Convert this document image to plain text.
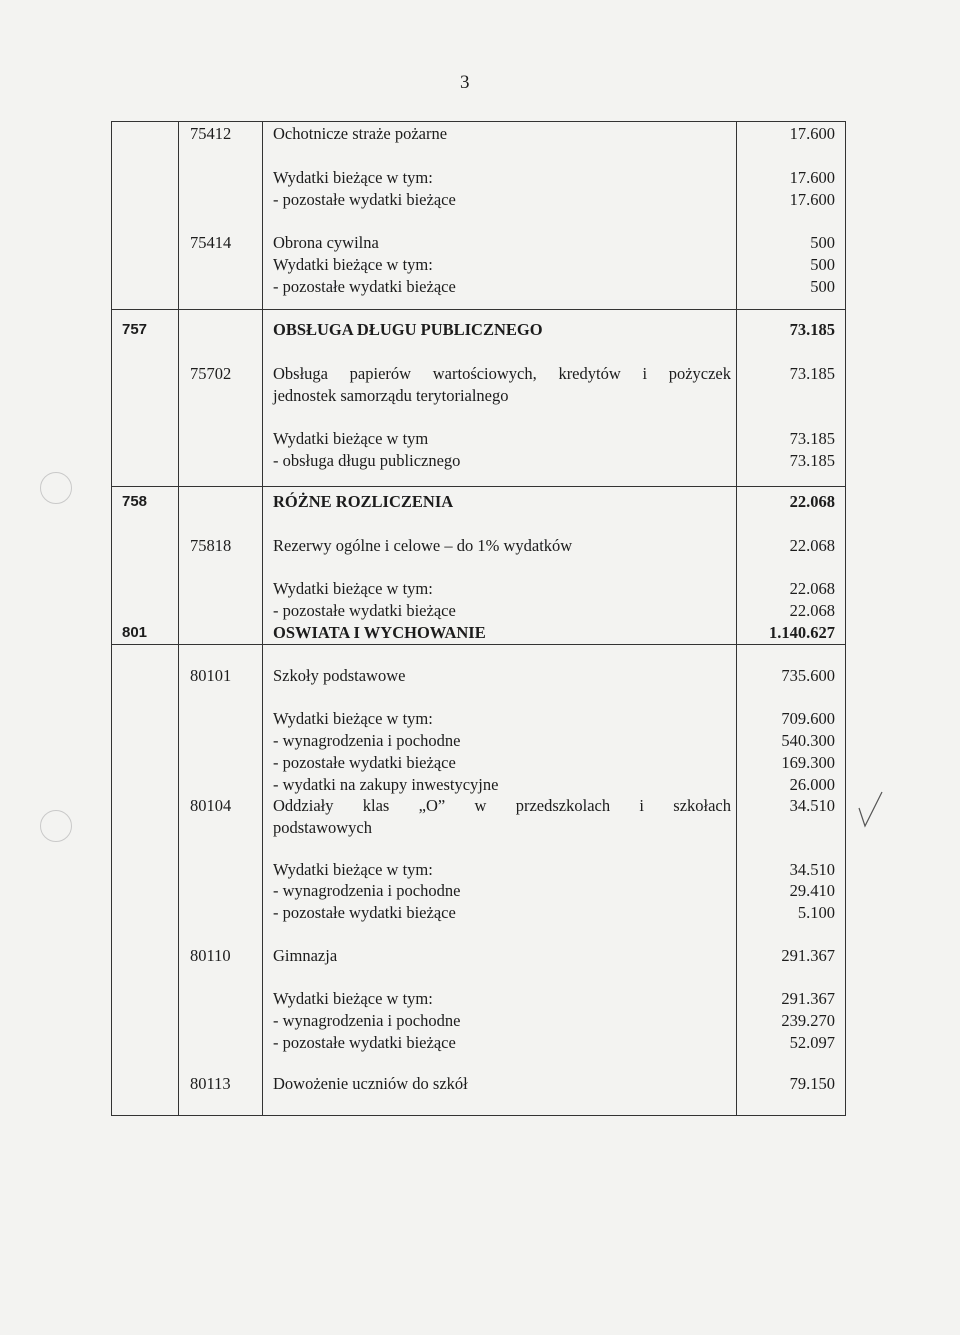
3
75412	Ochotnicze straże pożarne	17.600
Wydatki bieżące w tym:	17.600
- pozostałe wydatki bieżące	17.600
75414	Obrona cywilna	500
Wydatki bieżące w tym:	500
- pozostałe wydatki bieżące	500
757	OBSŁUGA DŁUGU PUBLICZNEGO	73.185
75702	Obsługa papierów wartościowych, kredytów i pożyczek	73.185
jednostek samorządu terytorialnego
Wydatki bieżące w tym	73.185
- obsługa długu publicznego	73.185
758	RÓŻNE ROZLICZENIA	22.068
75818	Rezerwy ogólne i celowe – do 1% wydatków	22.068
Wydatki bieżące w tym:	22.068
- pozostałe wydatki bieżące	22.068
801	OSWIATA I WYCHOWANIE	1.140.627
80101	Szkoły podstawowe	735.600
Wydatki bieżące w tym:	709.600
- wynagrodzenia i pochodne	540.300
- pozostałe wydatki bieżące	169.300
- wydatki na zakupy inwestycyjne	26.000
80104	Oddziały klas „O” w przedszkolach i szkołach	34.510
podstawowych
Wydatki bieżące w tym:	34.510
- wynagrodzenia i pochodne	29.410
- pozostałe wydatki bieżące	5.100
80110	Gimnazja	291.367
Wydatki bieżące w tym:	291.367
- wynagrodzenia i pochodne	239.270
- pozostałe wydatki bieżące	52.097
80113	Dowożenie uczniów do szkół	79.150
